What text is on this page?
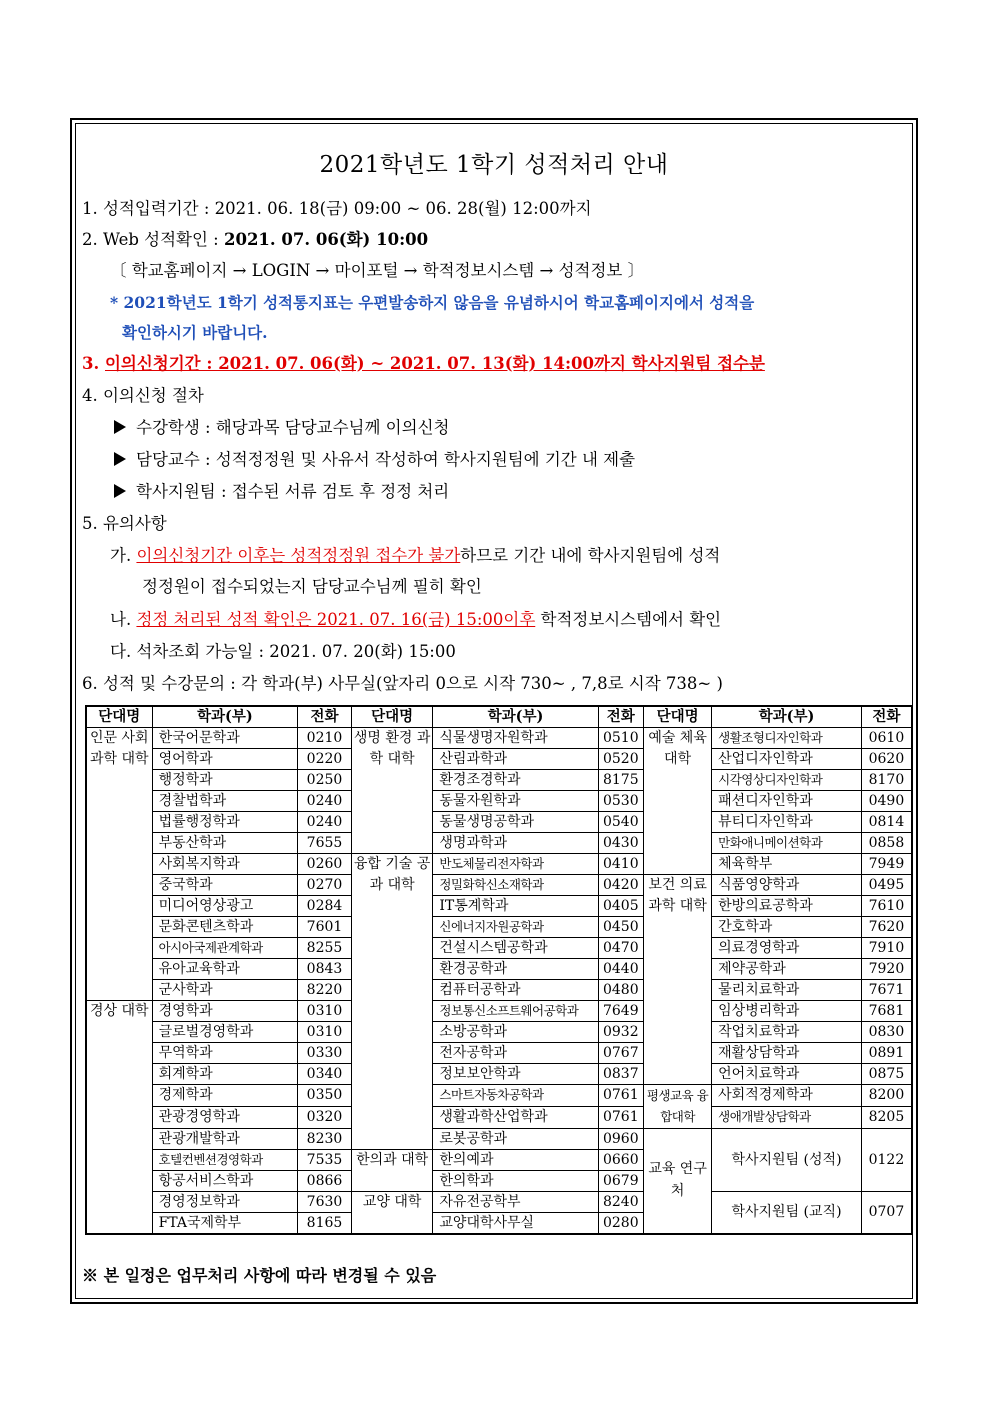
2021학년도 1학기 성적처리 안내
1. 성적입력기간 : 2021. 06. 18(금) 09:00 ~ 06. 28(월) 12:00까지
2. Web 성적확인 : 2021. 07. 06(화) 10:00
〔 학교홈페이지 → LOGIN → 마이포털 → 학적정보시스템 → 성적정보 〕
* 2021학년도 1학기 성적통지표는 우편발송하지 않음을 유념하시어 학교홈페이지에서 성적을
확인하시기 바랍니다.
3. 이의신청기간 : 2021. 07. 06(화) ~ 2021. 07. 13(화) 14:00까지 학사지원팀 접수분
4. 이의신청 절차
수강학생 : 해당과목 담당교수님께 이의신청
담당교수 : 성적정정원 및 사유서 작성하여 학사지원팀에 기간 내 제출
학사지원팀 : 접수된 서류 검토 후 정정 처리
5. 유의사항
가. 이의신청기간 이후는 성적정정원 접수가 불가하므로 기간 내에 학사지원팀에 성적
정정원이 접수되었는지 담당교수님께 필히 확인
나. 정정 처리된 성적 확인은 2021. 07. 16(금) 15:00이후 학적정보시스템에서 확인
다. 석차조회 가능일 : 2021. 07. 20(화) 15:00
6. 성적 및 수강문의 : 각 학과(부) 사무실(앞자리 0으로 시작 730~ , 7,8로 시작 738~ )
단대명	학과(부)	전화	단대명	학과(부)	전화	단대명	학과(부)	전화
인문 사회 과학 대학	한국어문학과	0210	생명 환경 과학 대학	식물생명자원학과	0510	예술 체육 대학	생활조형디자인학과	0610
	영어학과	0220		산림과학과	0520		산업디자인학과	0620
	행정학과	0250		환경조경학과	8175		시각영상디자인학과	8170
	경찰법학과	0240		동물자원학과	0530		패션디자인학과	0490
	법률행정학과	0240		동물생명공학과	0540		뷰티디자인학과	0814
	부동산학과	7655		생명과학과	0430		만화애니메이션학과	0858
	사회복지학과	0260	융합 기술 공과 대학	반도체물리전자학과	0410		체육학부	7949
	중국학과	0270		정밀화학신소재학과	0420	보건 의료 과학 대학	식품영양학과	0495
	미디어영상광고	0284		IT통계학과	0405		한방의료공학과	7610
	문화콘텐츠학과	7601		신에너지자원공학과	0450		간호학과	7620
	아시아국제관계학과	8255		건설시스템공학과	0470		의료경영학과	7910
	유아교육학과	0843		환경공학과	0440		제약공학과	7920
	군사학과	8220		컴퓨터공학과	0480		물리치료학과	7671
경상 대학	경영학과	0310		정보통신소프트웨어공학과	7649		임상병리학과	7681
	글로벌경영학과	0310		소방공학과	0932		작업치료학과	0830
	무역학과	0330		전자공학과	0767		재활상담학과	0891
	회계학과	0340		정보보안학과	0837		언어치료학과	0875
	경제학과	0350		스마트자동차공학과	0761	평생교육 융합대학	사회적경제학과	8200
	관광경영학과	0320		생활과학산업학과	0761		생애개발상담학과	8205
	관광개발학과	8230		로봇공학과	0960	교육 연구처	학사지원팀 (성적)	0122
	호텔컨벤션경영학과	7535	한의과 대학	한의예과	0660			
	항공서비스학과	0866		한의학과	0679			
	경영정보학과	7630	교양 대학	자유전공학부	8240		학사지원팀 (교직)	0707
	FTA국제학부	8165		교양대학사무실	0280			
※ 본 일정은 업무처리 사항에 따라 변경될 수 있음
